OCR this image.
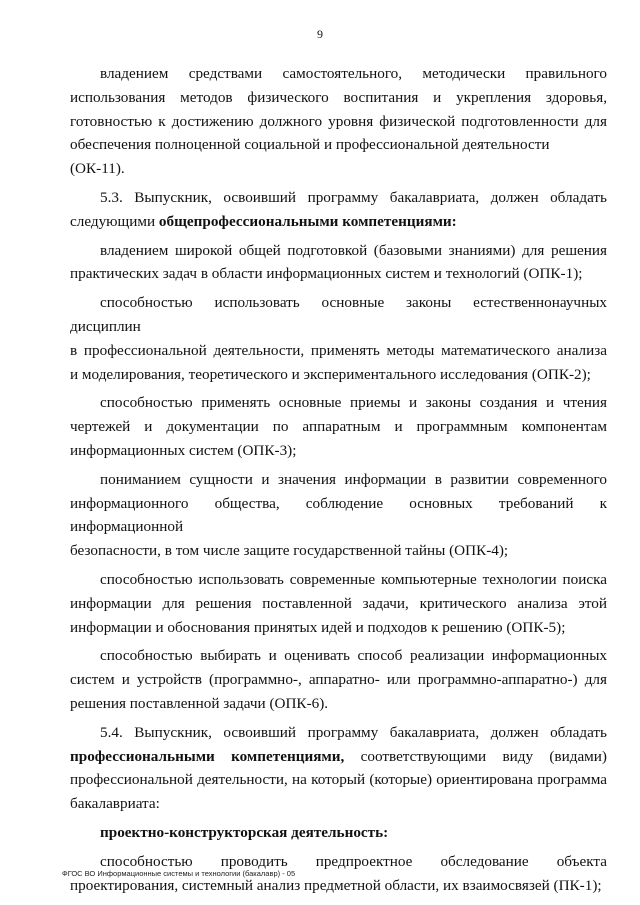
9

владением средствами самостоятельного, методически правильного
использования методов физического воспитания и укрепления здоровья,
готовностью к достижению должного уровня физической подготовленности для
обеспечения полноценной социальной и профессиональной деятельности (ОК-11).

5.3. Выпускник, освоивший программу бакалавриата, должен обладать
следующими общепрофессиональными компетенциями:

владением широкой общей подготовкой (базовыми знаниями) для решения
практических задач в области информационных систем и технологий (ОПК-1);

способностью использовать основные законы естественнонаучных дисциплин
в профессиональной деятельности, применять методы математического анализа
и моделирования, теоретического и экспериментального исследования (ОПК-2);

способностью применять основные приемы и законы создания и чтения
чертежей и документации по аппаратным и программным компонентам
информационных систем (ОПК-3);

пониманием сущности и значения информации в развитии современного
информационного общества, соблюдение основных требований к информационной
безопасности, в том числе защите государственной тайны (ОПК-4);

способностью использовать современные компьютерные технологии поиска
информации для решения поставленной задачи, критического анализа этой
информации и обоснования принятых идей и подходов к решению (ОПК-5);

способностью выбирать и оценивать способ реализации информационных
систем и устройств (программно-, аппаратно- или программно-аппаратно-) для
решения поставленной задачи (ОПК-6).

5.4. Выпускник, освоивший программу бакалавриата, должен обладать
профессиональными компетенциями, соответствующими виду (видами)
профессиональной деятельности, на который (которые) ориентирована программа
бакалавриата:

проектно-конструкторская деятельность:

способностью проводить предпроектное обследование объекта
проектирования, системный анализ предметной области, их взаимосвязей (ПК-1);

ФГОС ВО Информационные системы и технологии (бакалавр) - 05
